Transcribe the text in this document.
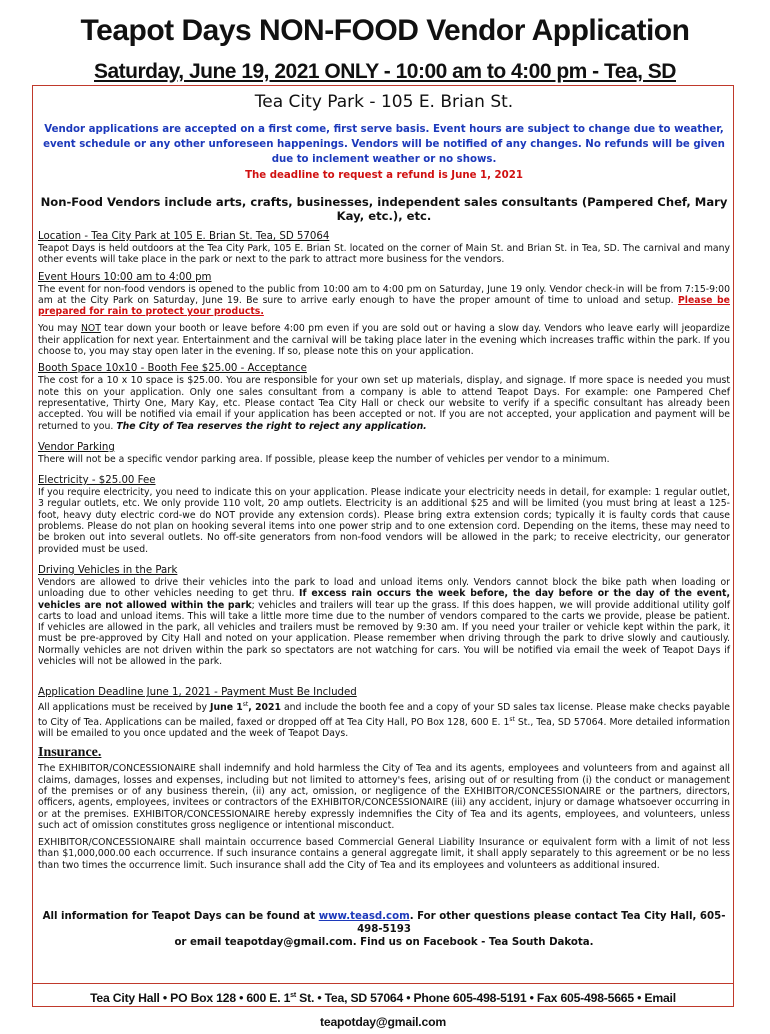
Teapot Days NON-FOOD Vendor Application
Saturday, June 19, 2021 ONLY - 10:00 am to 4:00 pm - Tea, SD
Tea City Park - 105 E. Brian St.
Vendor applications are accepted on a first come, first serve basis. Event hours are subject to change due to weather, event schedule or any other unforeseen happenings. Vendors will be notified of any changes. No refunds will be given due to inclement weather or no shows.
The deadline to request a refund is June 1, 2021
Non-Food Vendors include arts, crafts, businesses, independent sales consultants (Pampered Chef, Mary Kay, etc.), etc.
Location - Tea City Park at 105 E. Brian St. Tea, SD 57064

Teapot Days is held outdoors at the Tea City Park, 105 E. Brian St. located on the corner of Main St. and Brian St. in Tea, SD. The carnival and many other events will take place in the park or next to the park to attract more business for the vendors.

Event Hours 10:00 am to 4:00 pm

The event for non-food vendors is opened to the public from 10:00 am to 4:00 pm on Saturday, June 19 only. Vendor check-in will be from 7:15-9:00 am at the City Park on Saturday, June 19. Be sure to arrive early enough to have the proper amount of time to unload and setup. Please be prepared for rain to protect your products.

You may NOT tear down your booth or leave before 4:00 pm even if you are sold out or having a slow day. Vendors who leave early will jeopardize their application for next year. Entertainment and the carnival will be taking place later in the evening which increases traffic within the park. If you choose to, you may stay open later in the evening. If so, please note this on your application.

Booth Space 10x10 - Booth Fee $25.00 - Acceptance

The cost for a 10 x 10 space is $25.00. You are responsible for your own set up materials, display, and signage. If more space is needed you must note this on your application. Only one sales consultant from a company is able to attend Teapot Days. For example: one Pampered Chef representative, Thirty One, Mary Kay, etc. Please contact Tea City Hall or check our website to verify if a specific consultant has already been accepted. You will be notified via email if your application has been accepted or not. If you are not accepted, your application and payment will be returned to you. The City of Tea reserves the right to reject any application.

Vendor Parking

There will not be a specific vendor parking area. If possible, please keep the number of vehicles per vendor to a minimum.

Electricity - $25.00 Fee

If you require electricity, you need to indicate this on your application. Please indicate your electricity needs in detail, for example: 1 regular outlet, 3 regular outlets, etc. We only provide 110 volt, 20 amp outlets. Electricity is an additional $25 and will be limited (you must bring at least a 125-foot, heavy duty electric cord-we do NOT provide any extension cords). Please bring extra extension cords; typically it is faulty cords that cause problems. Please do not plan on hooking several items into one power strip and to one extension cord. Depending on the items, these may need to be broken out into several outlets. No off-site generators from non-food vendors will be allowed in the park; to receive electricity, our generator provided must be used.

Driving Vehicles in the Park

Vendors are allowed to drive their vehicles into the park to load and unload items only. Vendors cannot block the bike path when loading or unloading due to other vehicles needing to get thru. If excess rain occurs the week before, the day before or the day of the event, vehicles are not allowed within the park; vehicles and trailers will tear up the grass. If this does happen, we will provide additional utility golf carts to load and unload items. This will take a little more time due to the number of vendors compared to the carts we provide, please be patient. If vehicles are allowed in the park, all vehicles and trailers must be removed by 9:30 am. If you need your trailer or vehicle kept within the park, it must be pre-approved by City Hall and noted on your application. Please remember when driving through the park to drive slowly and cautiously. Normally vehicles are not driven within the park so spectators are not watching for cars. You will be notified via email the week of Teapot Days if vehicles will not be allowed in the park.

Application Deadline June 1, 2021 - Payment Must Be Included

All applications must be received by June 1st, 2021 and include the booth fee and a copy of your SD sales tax license. Please make checks payable to City of Tea. Applications can be mailed, faxed or dropped off at Tea City Hall, PO Box 128, 600 E. 1st St., Tea, SD 57064. More detailed information will be emailed to you once updated and the week of Teapot Days.

Insurance.

The EXHIBITOR/CONCESSIONAIRE shall indemnify and hold harmless the City of Tea and its agents, employees and volunteers from and against all claims, damages, losses and expenses, including but not limited to attorney's fees, arising out of or resulting from (i) the conduct or management of the premises or of any business therein, (ii) any act, omission, or negligence of the EXHIBITOR/CONCESSIONAIRE or the partners, directors, officers, agents, employees, invitees or contractors of the EXHIBITOR/CONCESSIONAIRE (iii) any accident, injury or damage whatsoever occurring in or at the premises. EXHIBITOR/CONCESSIONAIRE hereby expressly indemnifies the City of Tea and its agents, employees, and volunteers, unless such act of omission constitutes gross negligence or intentional misconduct.

EXHIBITOR/CONCESSIONAIRE shall maintain occurrence based Commercial General Liability Insurance or equivalent form with a limit of not less than $1,000,000.00 each occurrence. If such insurance contains a general aggregate limit, it shall apply separately to this agreement or be no less than two times the occurrence limit. Such insurance shall add the City of Tea and its employees and volunteers as additional insured.

All information for Teapot Days can be found at www.teasd.com. For other questions please contact Tea City Hall, 605-498-5193
or email teapotday@gmail.com. Find us on Facebook - Tea South Dakota.
Tea City Hall • PO Box 128 • 600 E. 1st St. • Tea, SD 57064 • Phone 605-498-5191 • Fax 605-498-5665 • Email teapotday@gmail.com
